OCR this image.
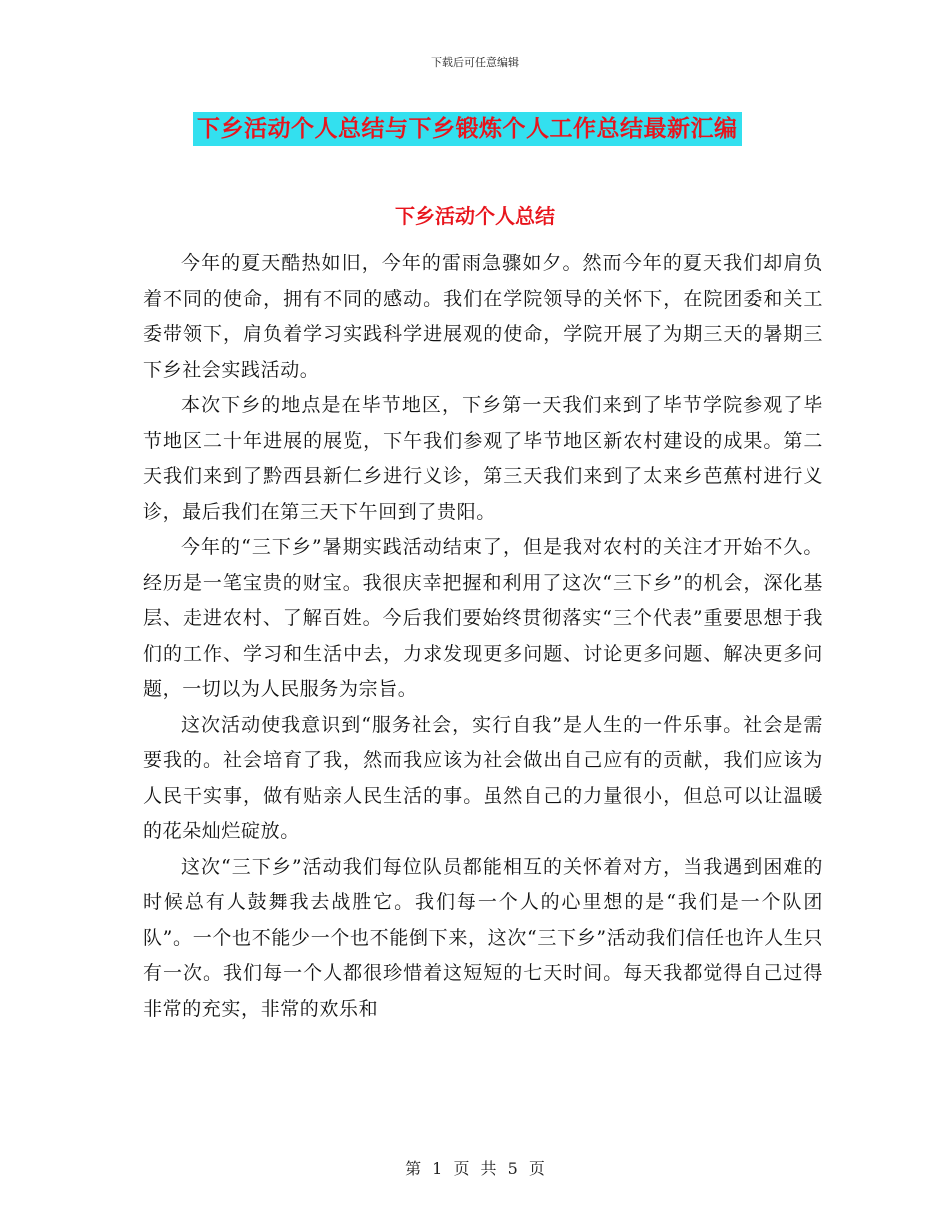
下载后可任意编辑
下乡活动个人总结与下乡锻炼个人工作总结最新汇编
下乡活动个人总结

今年的夏天酷热如旧，今年的雷雨急骤如夕。然而今年的夏天我们却肩负着不同的使命，拥有不同的感动。我们在学院领导的关怀下，在院团委和关工委带领下，肩负着学习实践科学进展观的使命，学院开展了为期三天的暑期三下乡社会实践活动。

本次下乡的地点是在毕节地区，下乡第一天我们来到了毕节学院参观了毕节地区二十年进展的展览，下午我们参观了毕节地区新农村建设的成果。第二天我们来到了黔西县新仁乡进行义诊，第三天我们来到了太来乡芭蕉村进行义诊，最后我们在第三天下午回到了贵阳。

今年的“三下乡”暑期实践活动结束了，但是我对农村的关注才开始不久。经历是一笔宝贵的财宝。我很庆幸把握和利用了这次“三下乡”的机会，深化基层、走进农村、了解百姓。今后我们要始终贯彻落实“三个代表”重要思想于我们的工作、学习和生活中去，力求发现更多问题、讨论更多问题、解决更多问题，一切以为人民服务为宗旨。

这次活动使我意识到“服务社会，实行自我”是人生的一件乐事。社会是需要我的。社会培育了我，然而我应该为社会做出自己应有的贡献，我们应该为人民干实事，做有贴亲人民生活的事。虽然自己的力量很小，但总可以让温暖的花朵灿烂碇放。

这次“三下乡”活动我们每位队员都能相互的关怀着对方，当我遇到困难的时候总有人鼓舞我去战胜它。我们每一个人的心里想的是“我们是一个队团队”。一个也不能少一个也不能倒下来，这次“三下乡”活动我们信任也许人生只有一次。我们每一个人都很珍惜着这短短的七天时间。每天我都觉得自己过得非常的充实，非常的欢乐和

第 1 页 共 5 页
